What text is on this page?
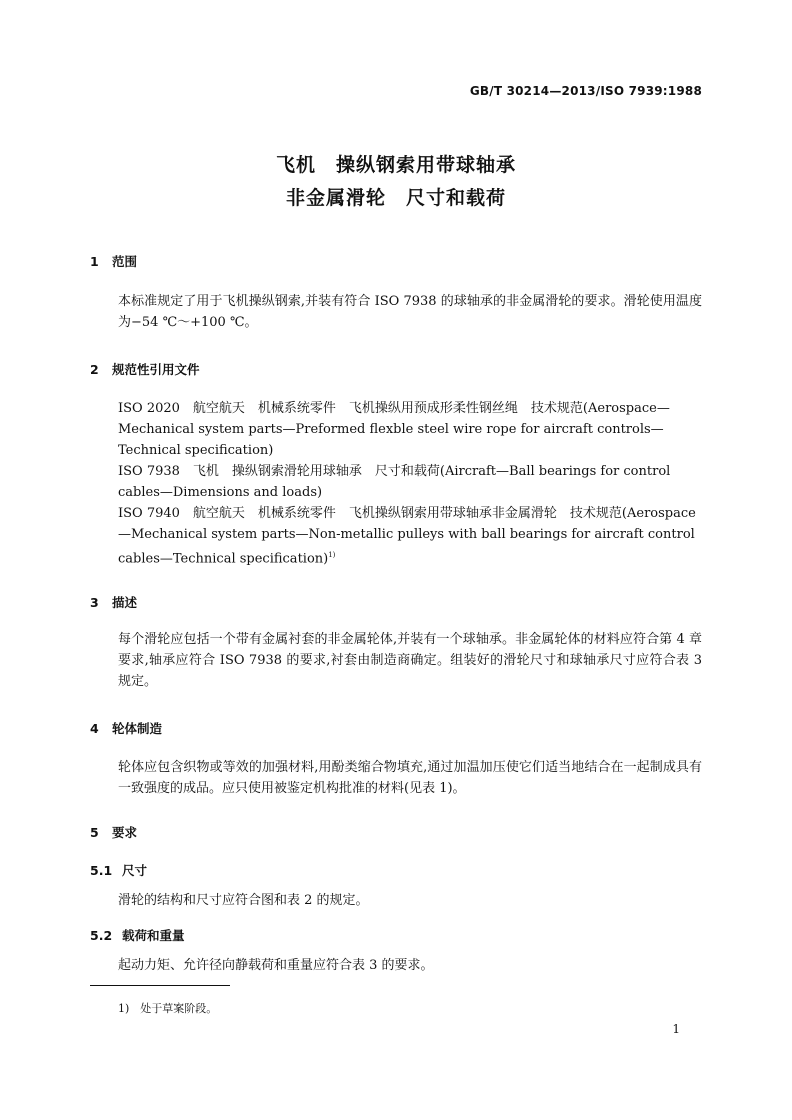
GB/T 30214—2013/ISO 7939:1988
飞机　操纵钢索用带球轴承
非金属滑轮　尺寸和载荷
1 范围
本标准规定了用于飞机操纵钢索,并装有符合 ISO 7938 的球轴承的非金属滑轮的要求。滑轮使用温度为−54 ℃～+100 ℃。
2 规范性引用文件
ISO 2020　航空航天　机械系统零件　飞机操纵用预成形柔性钢丝绳　技术规范(Aerospace—Mechanical system parts—Preformed flexble steel wire rope for aircraft controls—Technical specification)
ISO 7938　飞机　操纵钢索滑轮用球轴承　尺寸和载荷(Aircraft—Ball bearings for control cables—Dimensions and loads)
ISO 7940　航空航天　机械系统零件　飞机操纵钢索用带球轴承非金属滑轮　技术规范(Aerospace—Mechanical system parts—Non-metallic pulleys with ball bearings for aircraft control cables—Technical specification)$^{1)}$
3 描述
每个滑轮应包括一个带有金属衬套的非金属轮体,并装有一个球轴承。非金属轮体的材料应符合第 4 章要求,轴承应符合 ISO 7938 的要求,衬套由制造商确定。组装好的滑轮尺寸和球轴承尺寸应符合表 3 规定。
4 轮体制造
轮体应包含织物或等效的加强材料,用酚类缩合物填充,通过加温加压使它们适当地结合在一起制成具有一致强度的成品。应只使用被鉴定机构批准的材料(见表 1)。
5 要求
5.1 尺寸
滑轮的结构和尺寸应符合图和表 2 的规定。
5.2 载荷和重量
起动力矩、允许径向静载荷和重量应符合表 3 的要求。
1)　处于草案阶段。
1
